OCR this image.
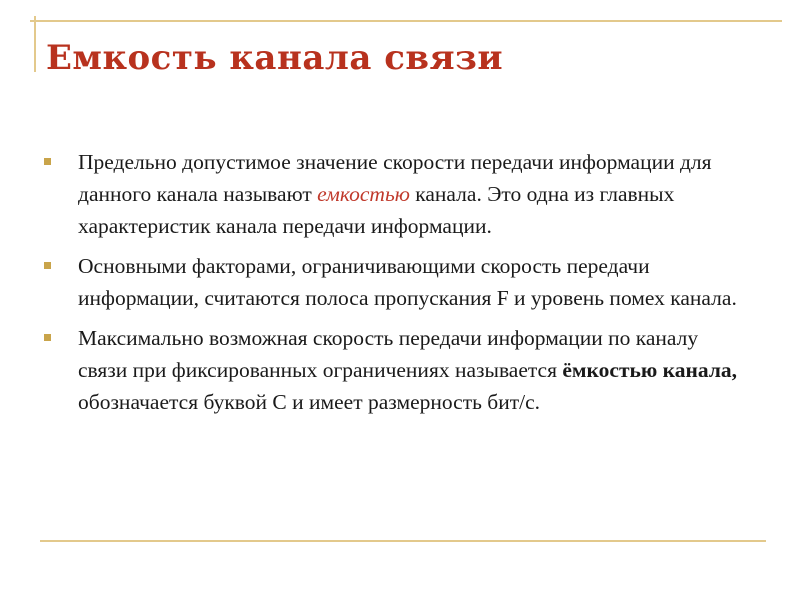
Емкость канала связи
Предельно допустимое значение скорости передачи информации для данного канала называют емкостью канала. Это одна из главных характеристик канала передачи информации.
Основными факторами, ограничивающими скорость передачи информации, считаются полоса пропускания F и уровень помех канала.
Максимально возможная скорость передачи информации по каналу связи при фиксированных ограничениях называется ёмкостью канала, обозначается буквой С и имеет размерность бит/с.
